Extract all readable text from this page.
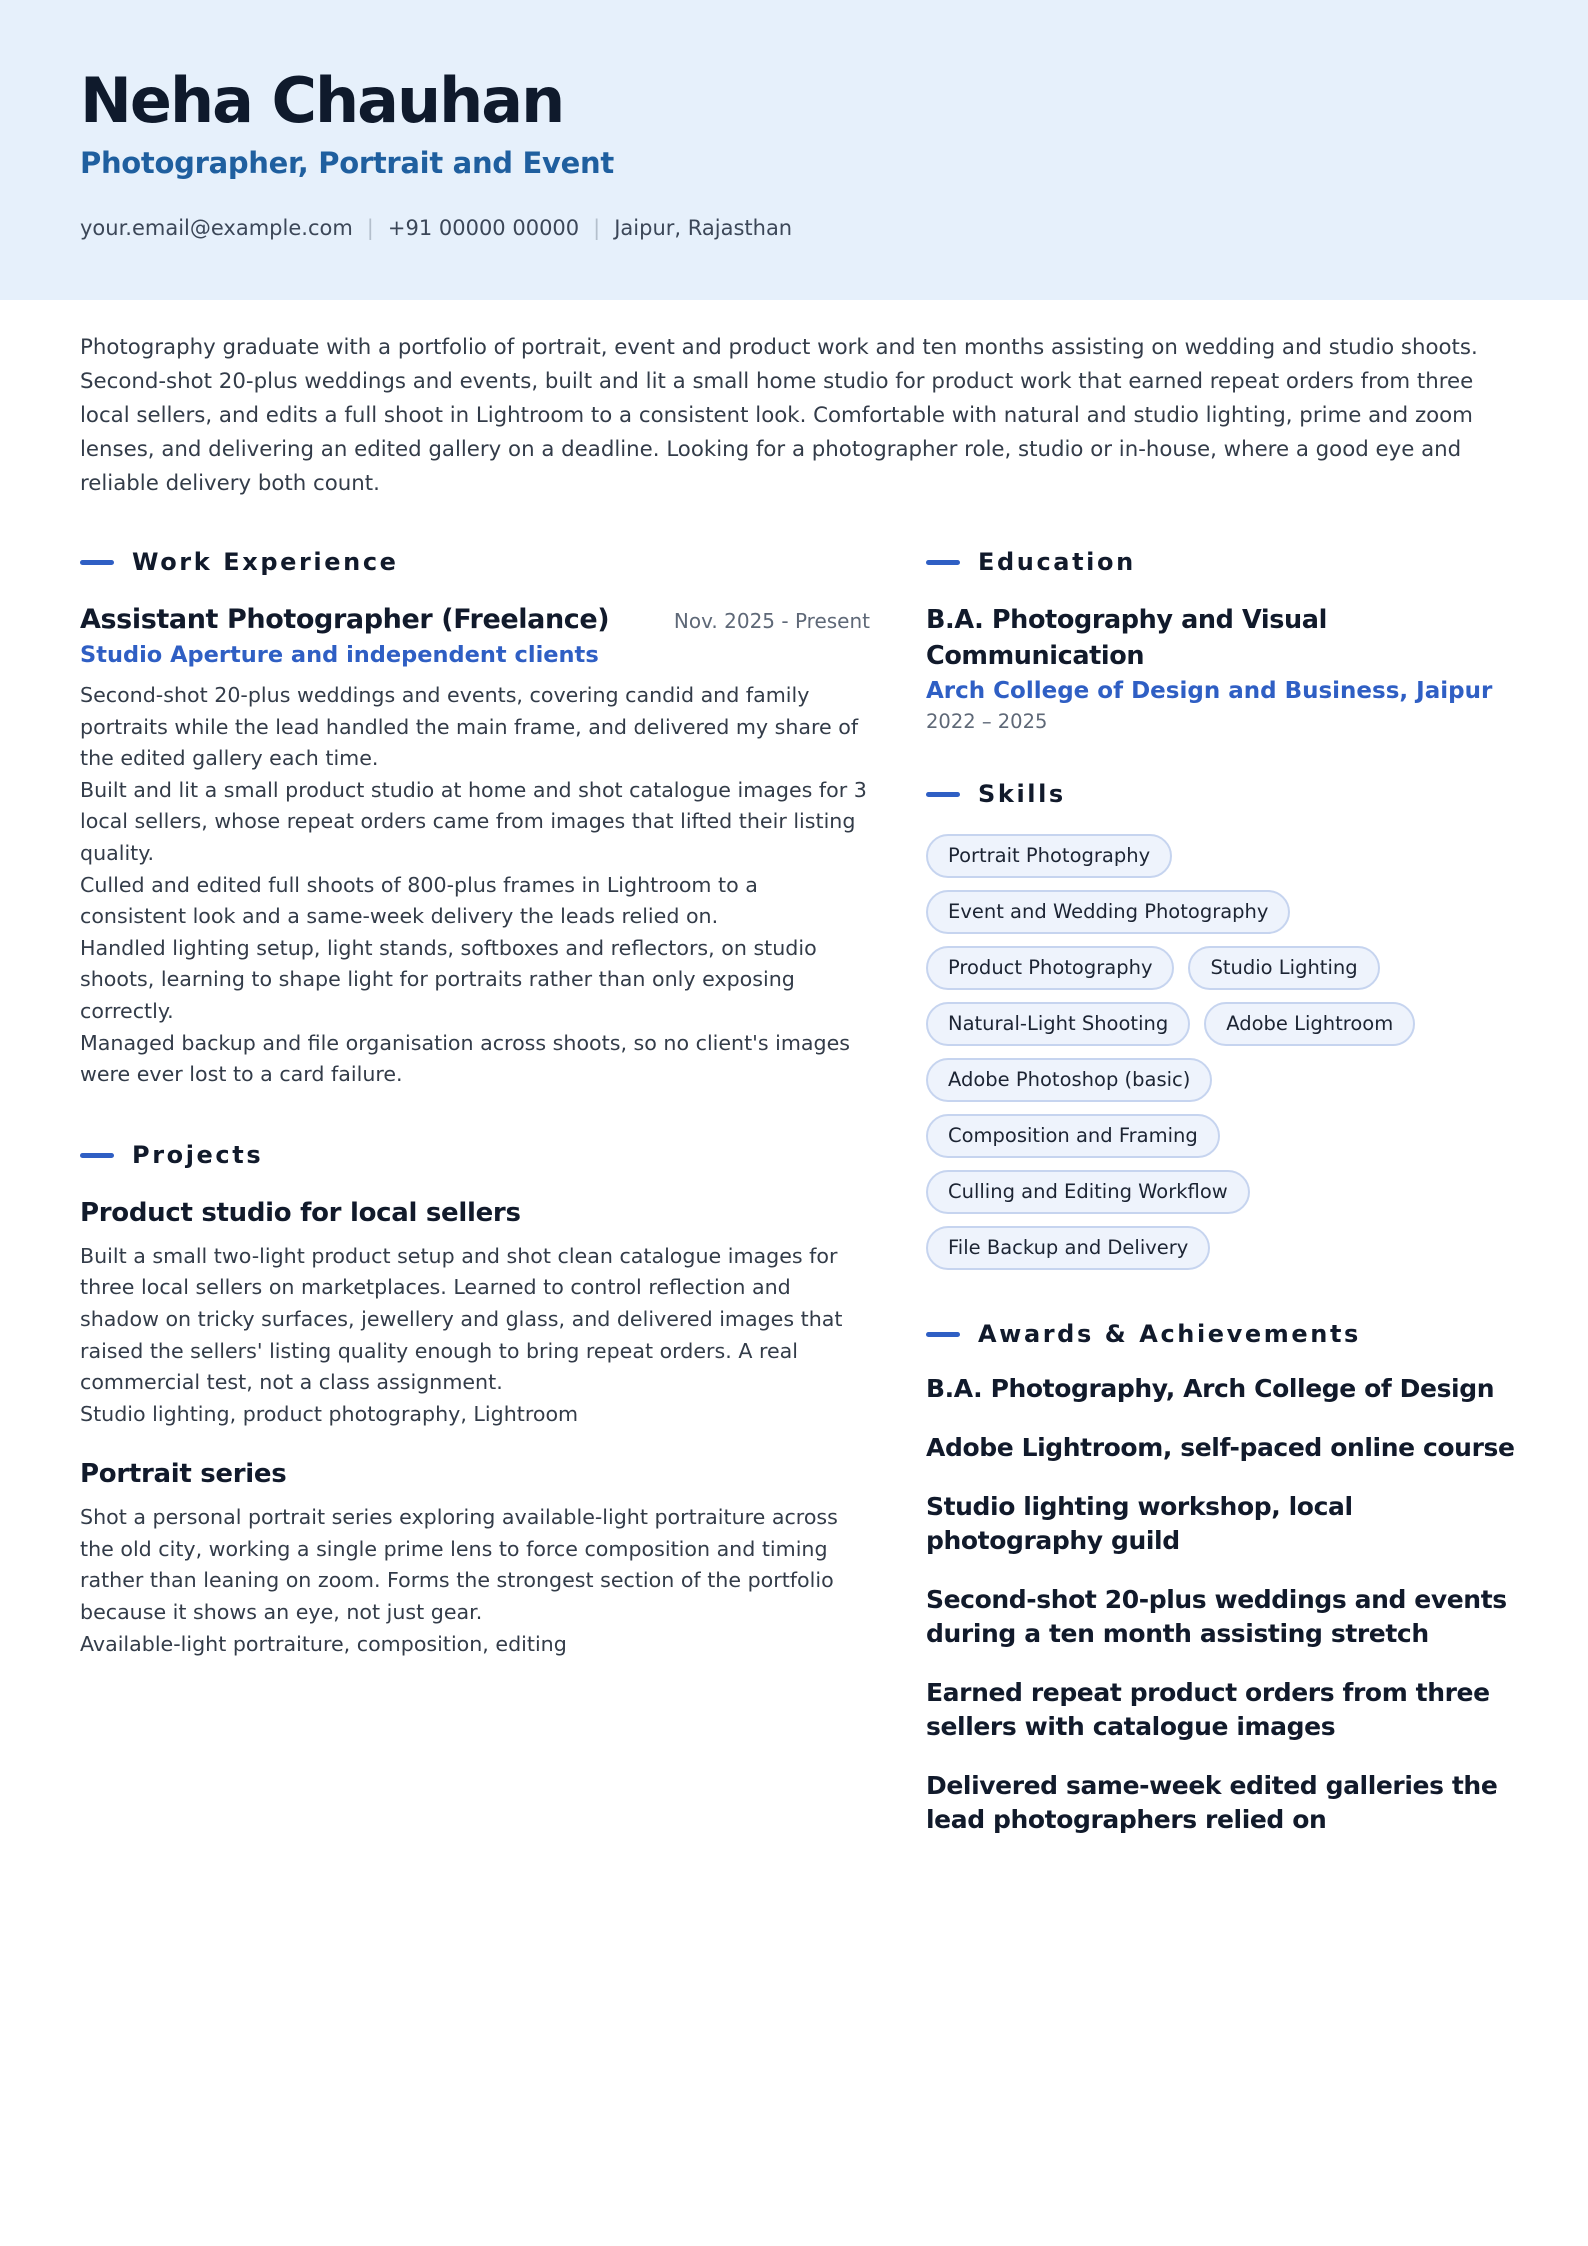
Neha Chauhan
Photographer, Portrait and Event
your.email@example.com | +91 00000 00000 | Jaipur, Rajasthan

Photography graduate with a portfolio of portrait, event and product work and ten months assisting on wedding and studio shoots. Second-shot 20-plus weddings and events, built and lit a small home studio for product work that earned repeat orders from three local sellers, and edits a full shoot in Lightroom to a consistent look. Comfortable with natural and studio lighting, prime and zoom lenses, and delivering an edited gallery on a deadline. Looking for a photographer role, studio or in-house, where a good eye and reliable delivery both count.

Work Experience
Assistant Photographer (Freelance)	Nov. 2025 - Present
Studio Aperture and independent clients
Second-shot 20-plus weddings and events, covering candid and family portraits while the lead handled the main frame, and delivered my share of the edited gallery each time.
Built and lit a small product studio at home and shot catalogue images for 3 local sellers, whose repeat orders came from images that lifted their listing quality.
Culled and edited full shoots of 800-plus frames in Lightroom to a consistent look and a same-week delivery the leads relied on.
Handled lighting setup, light stands, softboxes and reflectors, on studio shoots, learning to shape light for portraits rather than only exposing correctly.
Managed backup and file organisation across shoots, so no client's images were ever lost to a card failure.
Projects
Product studio for local sellers
Built a small two-light product setup and shot clean catalogue images for three local sellers on marketplaces. Learned to control reflection and shadow on tricky surfaces, jewellery and glass, and delivered images that raised the sellers' listing quality enough to bring repeat orders. A real commercial test, not a class assignment.
Studio lighting, product photography, Lightroom
Portrait series
Shot a personal portrait series exploring available-light portraiture across the old city, working a single prime lens to force composition and timing rather than leaning on zoom. Forms the strongest section of the portfolio because it shows an eye, not just gear.
Available-light portraiture, composition, editing
Education
B.A. Photography and Visual Communication
Arch College of Design and Business, Jaipur
2022 – 2025
Skills
Portrait Photography
Event and Wedding Photography
Product Photography	Studio Lighting
Natural-Light Shooting	Adobe Lightroom
Adobe Photoshop (basic)
Composition and Framing
Culling and Editing Workflow
File Backup and Delivery
Awards & Achievements
B.A. Photography, Arch College of Design
Adobe Lightroom, self-paced online course
Studio lighting workshop, local photography guild
Second-shot 20-plus weddings and events during a ten month assisting stretch
Earned repeat product orders from three sellers with catalogue images
Delivered same-week edited galleries the lead photographers relied on
